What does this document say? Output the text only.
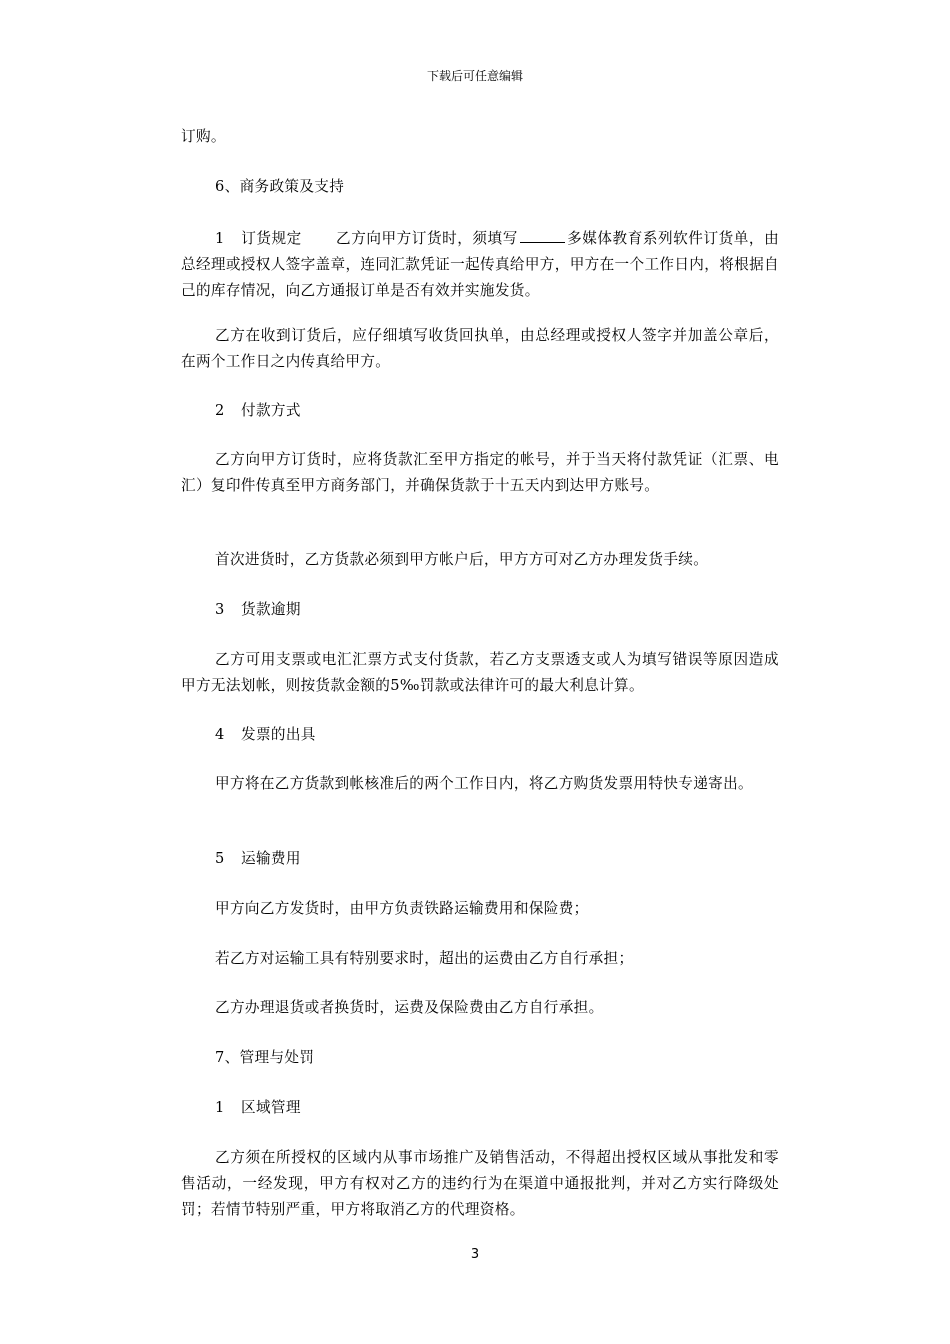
下载后可任意编辑
订购。
6、商务政策及支持
1 订货规定 乙方向甲方订货时，须填写	多媒体教育系列软件订货单，由总经理或授权人签字盖章，连同汇款凭证一起传真给甲方，甲方在一个工作日内，将根据自己的库存情况，向乙方通报订单是否有效并实施发货。
乙方在收到订货后，应仔细填写收货回执单，由总经理或授权人签字并加盖公章后，在两个工作日之内传真给甲方。
2 付款方式
乙方向甲方订货时，应将货款汇至甲方指定的帐号，并于当天将付款凭证（汇票、电汇）复印件传真至甲方商务部门，并确保货款于十五天内到达甲方账号。
首次进货时，乙方货款必须到甲方帐户后，甲方方可对乙方办理发货手续。
3 货款逾期
乙方可用支票或电汇汇票方式支付货款，若乙方支票透支或人为填写错误等原因造成甲方无法划帐，则按货款金额的5‰罚款或法律许可的最大利息计算。
4 发票的出具
甲方将在乙方货款到帐核准后的两个工作日内，将乙方购货发票用特快专递寄出。
5 运输费用
甲方向乙方发货时，由甲方负责铁路运输费用和保险费；
若乙方对运输工具有特别要求时，超出的运费由乙方自行承担；
乙方办理退货或者换货时，运费及保险费由乙方自行承担。
7、管理与处罚
1 区域管理
乙方须在所授权的区域内从事市场推广及销售活动，不得超出授权区域从事批发和零售活动，一经发现，甲方有权对乙方的违约行为在渠道中通报批判，并对乙方实行降级处罚；若情节特别严重，甲方将取消乙方的代理资格。
3
